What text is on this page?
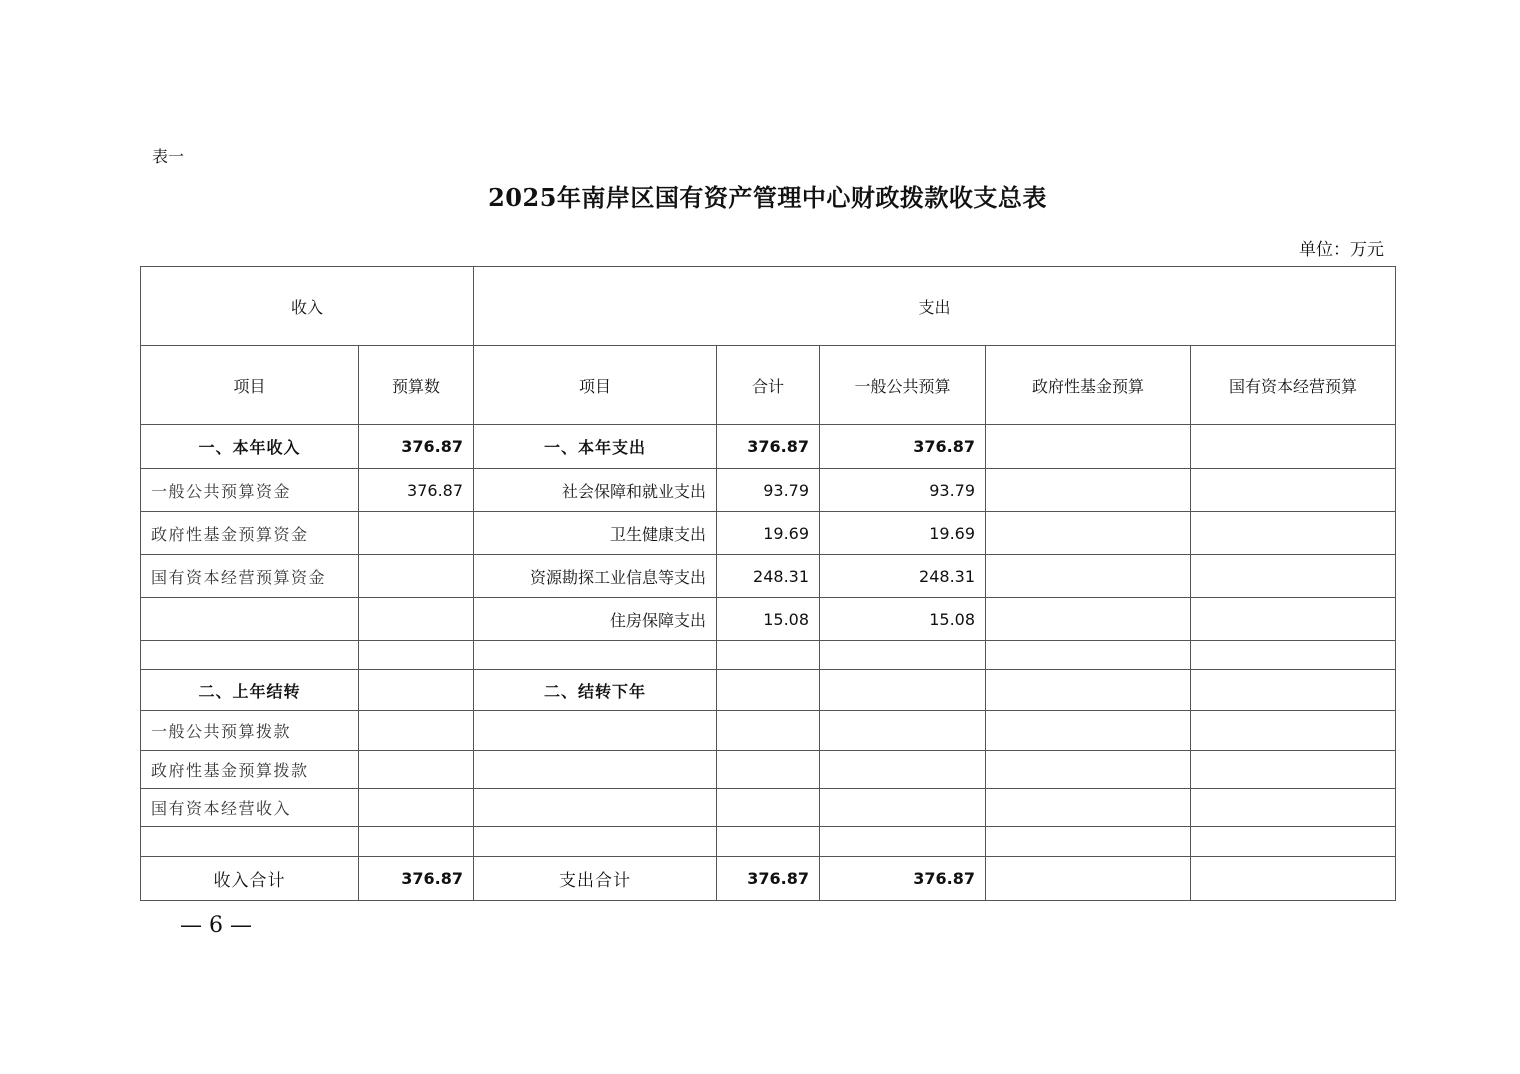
表一
2025年南岸区国有资产管理中心财政拨款收支总表
单位：万元
收入		支出				
项目	预算数	项目	合计	一般公共预算	政府性基金预算	国有资本经营预算
一、本年收入	376.87	一、本年支出	376.87	376.87		
一般公共预算资金	376.87	社会保障和就业支出	93.79	93.79		
政府性基金预算资金		卫生健康支出	19.69	19.69		
国有资本经营预算资金		资源勘探工业信息等支出	248.31	248.31		
		住房保障支出	15.08	15.08		

二、上年结转		二、结转下年				
一般公共预算拨款						
政府性基金预算拨款						
国有资本经营收入						

收入合计	376.87	支出合计	376.87	376.87		
— 6 —
